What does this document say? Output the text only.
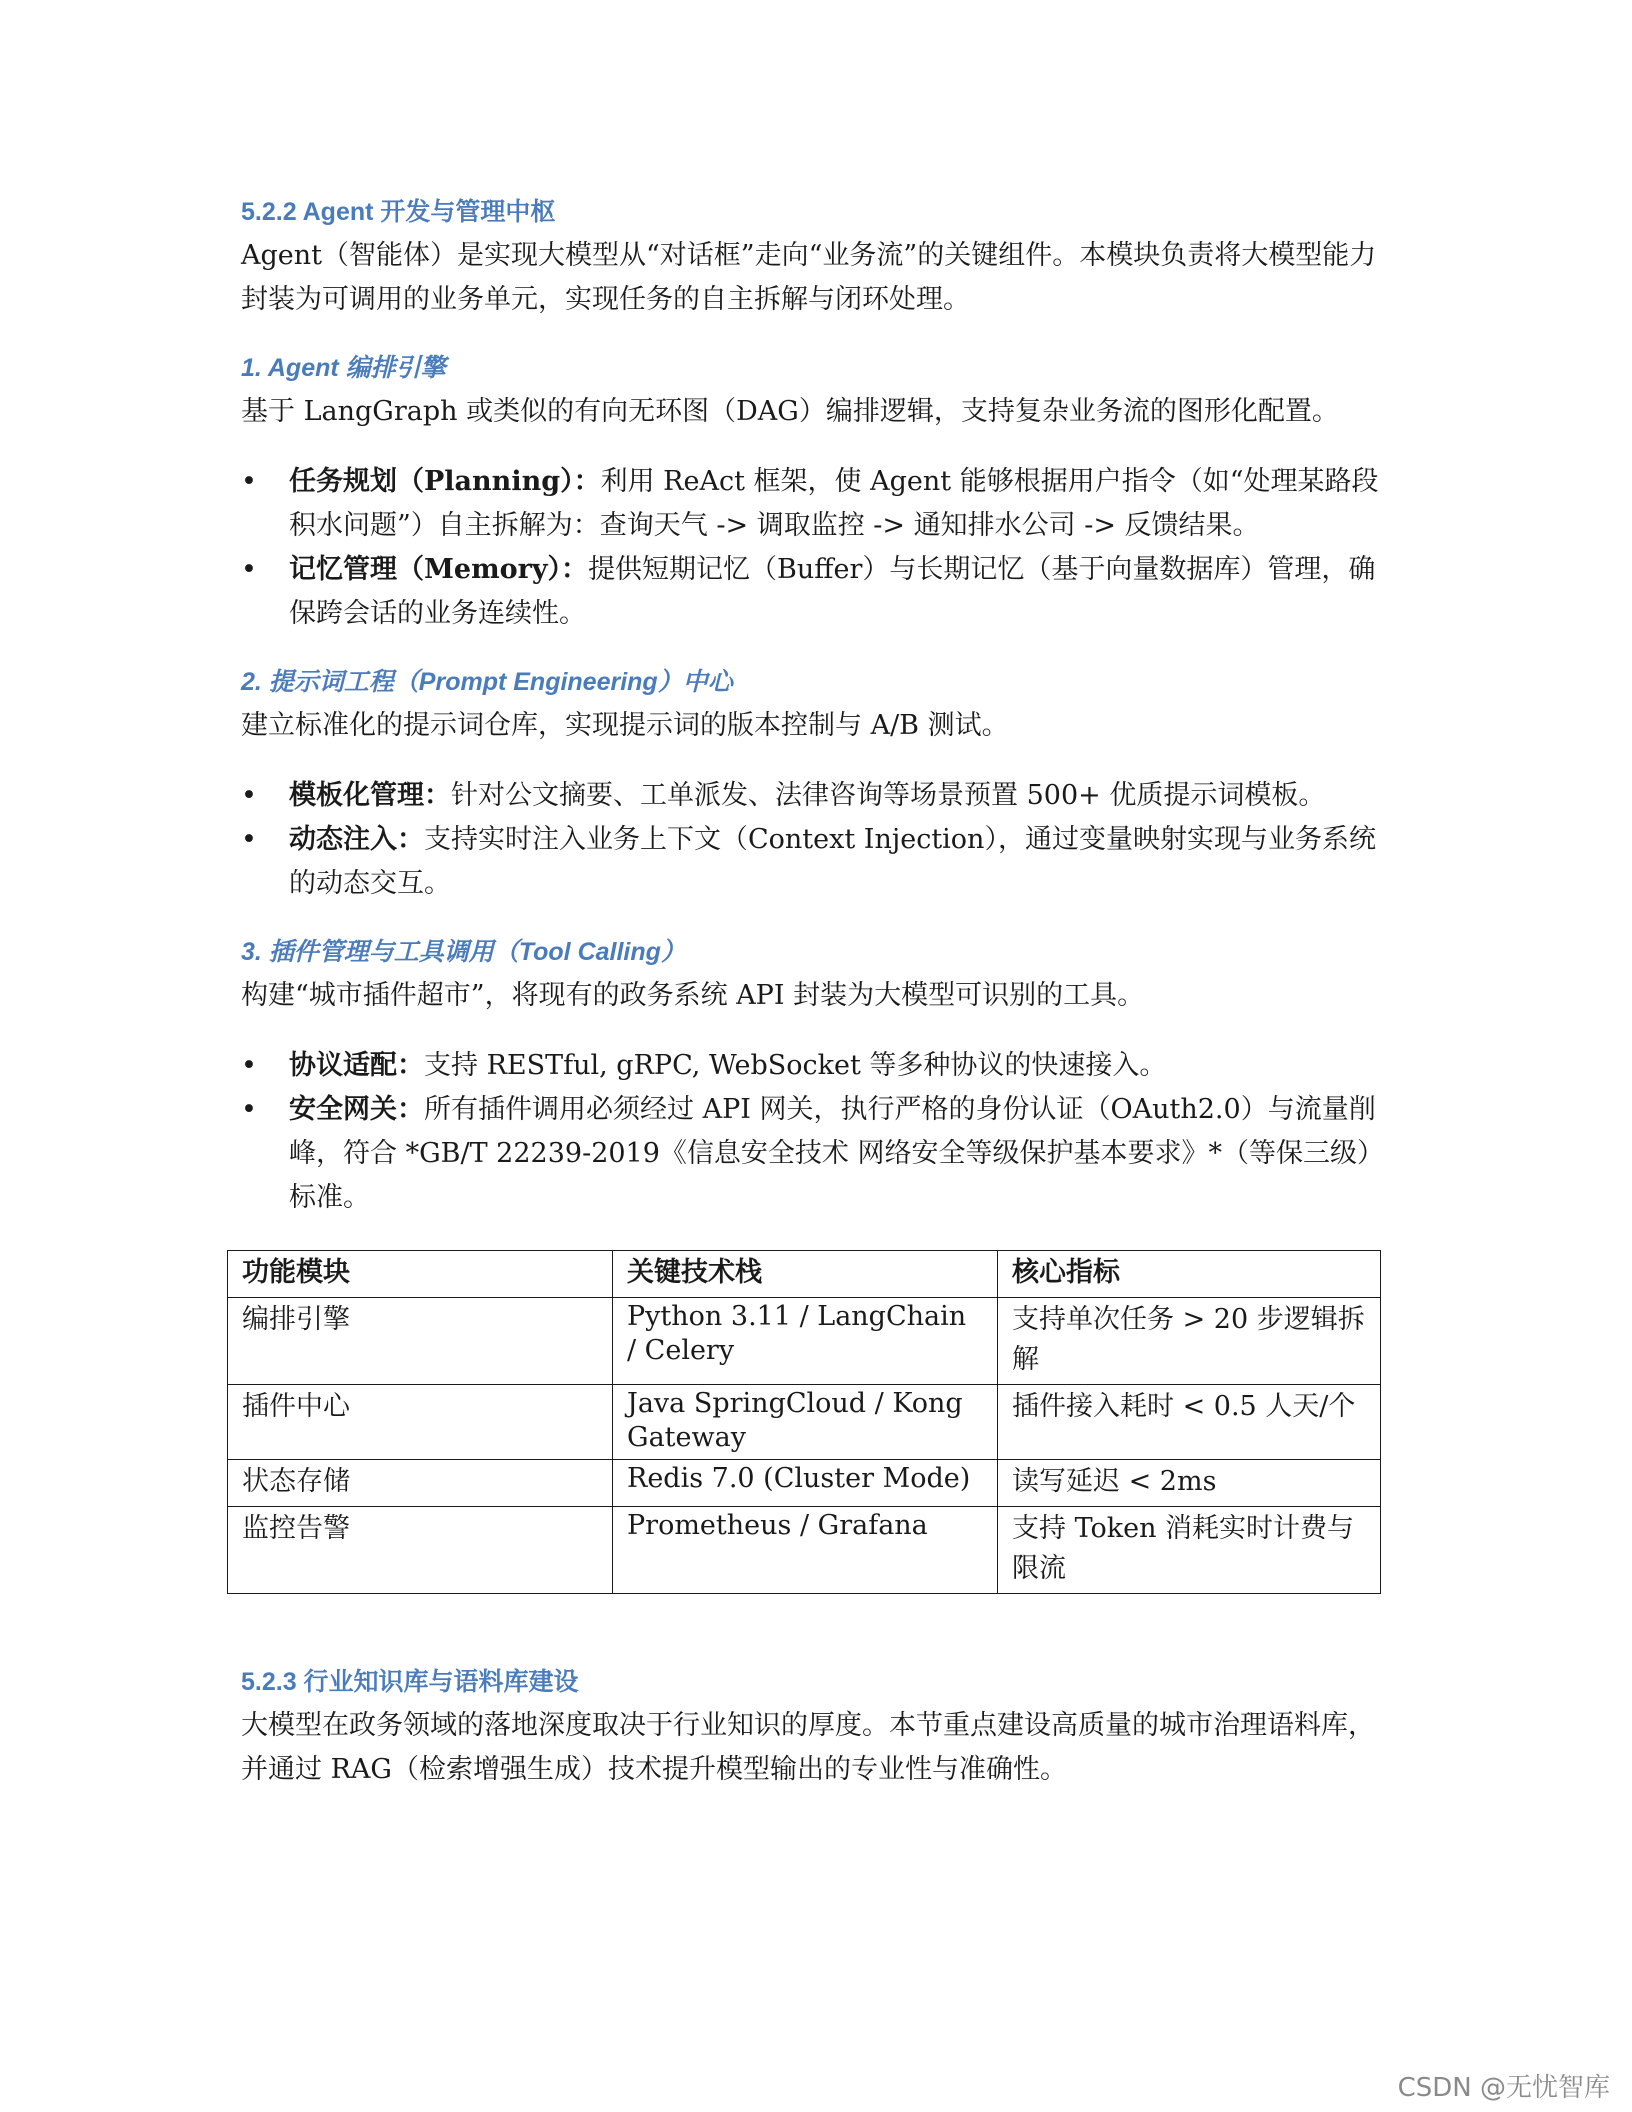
5.2.2 Agent 开发与管理中枢

Agent（智能体）是实现大模型从“对话框”走向“业务流”的关键组件。本模块负责将大模型能力封装为可调用的业务单元，实现任务的自主拆解与闭环处理。

1. Agent 编排引擎

基于 LangGraph 或类似的有向无环图（DAG）编排逻辑，支持复杂业务流的图形化配置。

• 任务规划（Planning）：利用 ReAct 框架，使 Agent 能够根据用户指令（如“处理某路段积水问题”）自主拆解为：查询天气 -> 调取监控 -> 通知排水公司 -> 反馈结果。
• 记忆管理（Memory）：提供短期记忆（Buffer）与长期记忆（基于向量数据库）管理，确保跨会话的业务连续性。
2. 提示词工程（Prompt Engineering）中心

建立标准化的提示词仓库，实现提示词的版本控制与 A/B 测试。

• 模板化管理：针对公文摘要、工单派发、法律咨询等场景预置 500+ 优质提示词模板。
• 动态注入：支持实时注入业务上下文（Context Injection），通过变量映射实现与业务系统的动态交互。
3. 插件管理与工具调用（Tool Calling）

构建“城市插件超市”，将现有的政务系统 API 封装为大模型可识别的工具。

• 协议适配：支持 RESTful, gRPC, WebSocket 等多种协议的快速接入。
• 安全网关：所有插件调用必须经过 API 网关，执行严格的身份认证（OAuth2.0）与流量削峰，符合 *GB/T 22239-2019《信息安全技术 网络安全等级保护基本要求》*（等保三级）标准。
功能模块	关键技术栈	核心指标
编排引擎	Python 3.11 / LangChain / Celery	支持单次任务 > 20 步逻辑拆解
插件中心	Java SpringCloud / Kong Gateway	插件接入耗时 < 0.5 人天/个
状态存储	Redis 7.0 (Cluster Mode)	读写延迟 < 2ms
监控告警	Prometheus / Grafana	支持 Token 消耗实时计费与限流
5.2.3 行业知识库与语料库建设

大模型在政务领域的落地深度取决于行业知识的厚度。本节重点建设高质量的城市治理语料库，并通过 RAG（检索增强生成）技术提升模型输出的专业性与准确性。

CSDN @无忧智库
